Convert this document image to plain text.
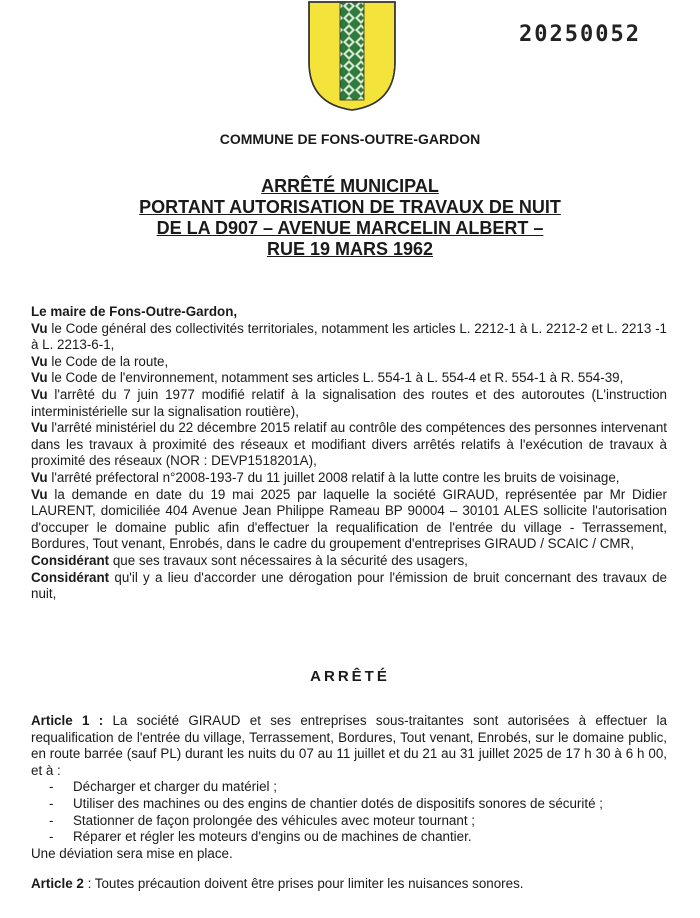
20250052
COMMUNE DE FONS-OUTRE-GARDON
ARRÊTÉ MUNICIPAL
PORTANT AUTORISATION DE TRAVAUX DE NUIT
DE LA D907 – AVENUE MARCELIN ALBERT –
RUE 19 MARS 1962

Le maire de Fons-Outre-Gardon,

Vu le Code général des collectivités territoriales, notamment les articles L. 2212-1 à L. 2212-2 et L. 2213 -1 à L. 2213-6-1,

Vu le Code de la route,

Vu le Code de l'environnement, notamment ses articles L. 554-1 à L. 554-4 et R. 554-1 à R. 554-39,

Vu l'arrêté du 7 juin 1977 modifié relatif à la signalisation des routes et des autoroutes (L'instruction interministérielle sur la signalisation routière),

Vu l'arrêté ministériel du 22 décembre 2015 relatif au contrôle des compétences des personnes intervenant dans les travaux à proximité des réseaux et modifiant divers arrêtés relatifs à l'exécution de travaux à proximité des réseaux (NOR : DEVP1518201A),

Vu l'arrêté préfectoral n°2008-193-7 du 11 juillet 2008 relatif à la lutte contre les bruits de voisinage,

Vu la demande en date du 19 mai 2025 par laquelle la société GIRAUD, représentée par Mr Didier LAURENT, domiciliée 404 Avenue Jean Philippe Rameau BP 90004 – 30101 ALES sollicite l'autorisation d'occuper le domaine public afin d'effectuer la requalification de l'entrée du village - Terrassement, Bordures, Tout venant, Enrobés, dans le cadre du groupement d'entreprises GIRAUD / SCAIC / CMR,

Considérant que ses travaux sont nécessaires à la sécurité des usagers,

Considérant qu'il y a lieu d'accorder une dérogation pour l'émission de bruit concernant des travaux de nuit,

ARRÊTÉ

Article 1 : La société GIRAUD et ses entreprises sous-traitantes sont autorisées à effectuer la requalification de l'entrée du village, Terrassement, Bordures, Tout venant, Enrobés, sur le domaine public, en route barrée (sauf PL) durant les nuits du 07 au 11 juillet et du 21 au 31 juillet 2025 de 17 h 30 à 6 h 00, et à :

- Décharger et charger du matériel ;
- Utiliser des machines ou des engins de chantier dotés de dispositifs sonores de sécurité ;
- Stationner de façon prolongée des véhicules avec moteur tournant ;
- Réparer et régler les moteurs d'engins ou de machines de chantier.

Une déviation sera mise en place.

Article 2 : Toutes précaution doivent être prises pour limiter les nuisances sonores.
